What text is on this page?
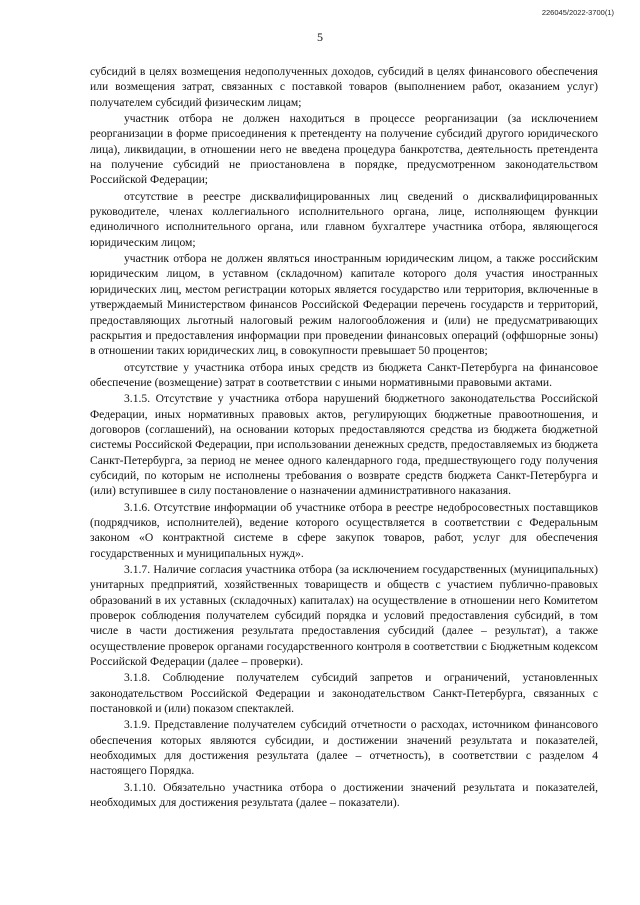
226045/2022-3700(1)
5

субсидий в целях возмещения недополученных доходов, субсидий в целях финансового обеспечения или возмещения затрат, связанных с поставкой товаров (выполнением работ, оказанием услуг) получателем субсидий физическим лицам;

участник отбора не должен находиться в процессе реорганизации (за исключением реорганизации в форме присоединения к претенденту на получение субсидий другого юридического лица), ликвидации, в отношении него не введена процедура банкротства, деятельность претендента на получение субсидий не приостановлена в порядке, предусмотренном законодательством Российской Федерации;

отсутствие в реестре дисквалифицированных лиц сведений о дисквалифицированных руководителе, членах коллегиального исполнительного органа, лице, исполняющем функции единоличного исполнительного органа, или главном бухгалтере участника отбора, являющегося юридическим лицом;

участник отбора не должен являться иностранным юридическим лицом, а также российским юридическим лицом, в уставном (складочном) капитале которого доля участия иностранных юридических лиц, местом регистрации которых является государство или территория, включенные в утверждаемый Министерством финансов Российской Федерации перечень государств и территорий, предоставляющих льготный налоговый режим налогообложения и (или) не предусматривающих раскрытия и предоставления информации при проведении финансовых операций (оффшорные зоны) в отношении таких юридических лиц, в совокупности превышает 50 процентов;

отсутствие у участника отбора иных средств из бюджета Санкт-Петербурга на финансовое обеспечение (возмещение) затрат в соответствии с иными нормативными правовыми актами.

3.1.5. Отсутствие у участника отбора нарушений бюджетного законодательства Российской Федерации, иных нормативных правовых актов, регулирующих бюджетные правоотношения, и договоров (соглашений), на основании которых предоставляются средства из бюджета бюджетной системы Российской Федерации, при использовании денежных средств, предоставляемых из бюджета Санкт-Петербурга, за период не менее одного календарного года, предшествующего году получения субсидий, по которым не исполнены требования о возврате средств бюджета Санкт-Петербурга и (или) вступившее в силу постановление о назначении административного наказания.

3.1.6. Отсутствие информации об участнике отбора в реестре недобросовестных поставщиков (подрядчиков, исполнителей), ведение которого осуществляется в соответствии с Федеральным законом «О контрактной системе в сфере закупок товаров, работ, услуг для обеспечения государственных и муниципальных нужд».

3.1.7. Наличие согласия участника отбора (за исключением государственных (муниципальных) унитарных предприятий, хозяйственных товариществ и обществ с участием публично-правовых образований в их уставных (складочных) капиталах) на осуществление в отношении него Комитетом проверок соблюдения получателем субсидий порядка и условий предоставления субсидий, в том числе в части достижения результата предоставления субсидий (далее – результат), а также осуществление проверок органами государственного контроля в соответствии с Бюджетным кодексом Российской Федерации (далее – проверки).

3.1.8. Соблюдение получателем субсидий запретов и ограничений, установленных законодательством Российской Федерации и законодательством Санкт-Петербурга, связанных с постановкой и (или) показом спектаклей.

3.1.9. Представление получателем субсидий отчетности о расходах, источником финансового обеспечения которых являются субсидии, и достижении значений результата и показателей, необходимых для достижения результата (далее – отчетность), в соответствии с разделом 4 настоящего Порядка.

3.1.10. Обязательно участника отбора о достижении значений результата и показателей, необходимых для достижения результата (далее – показатели).
